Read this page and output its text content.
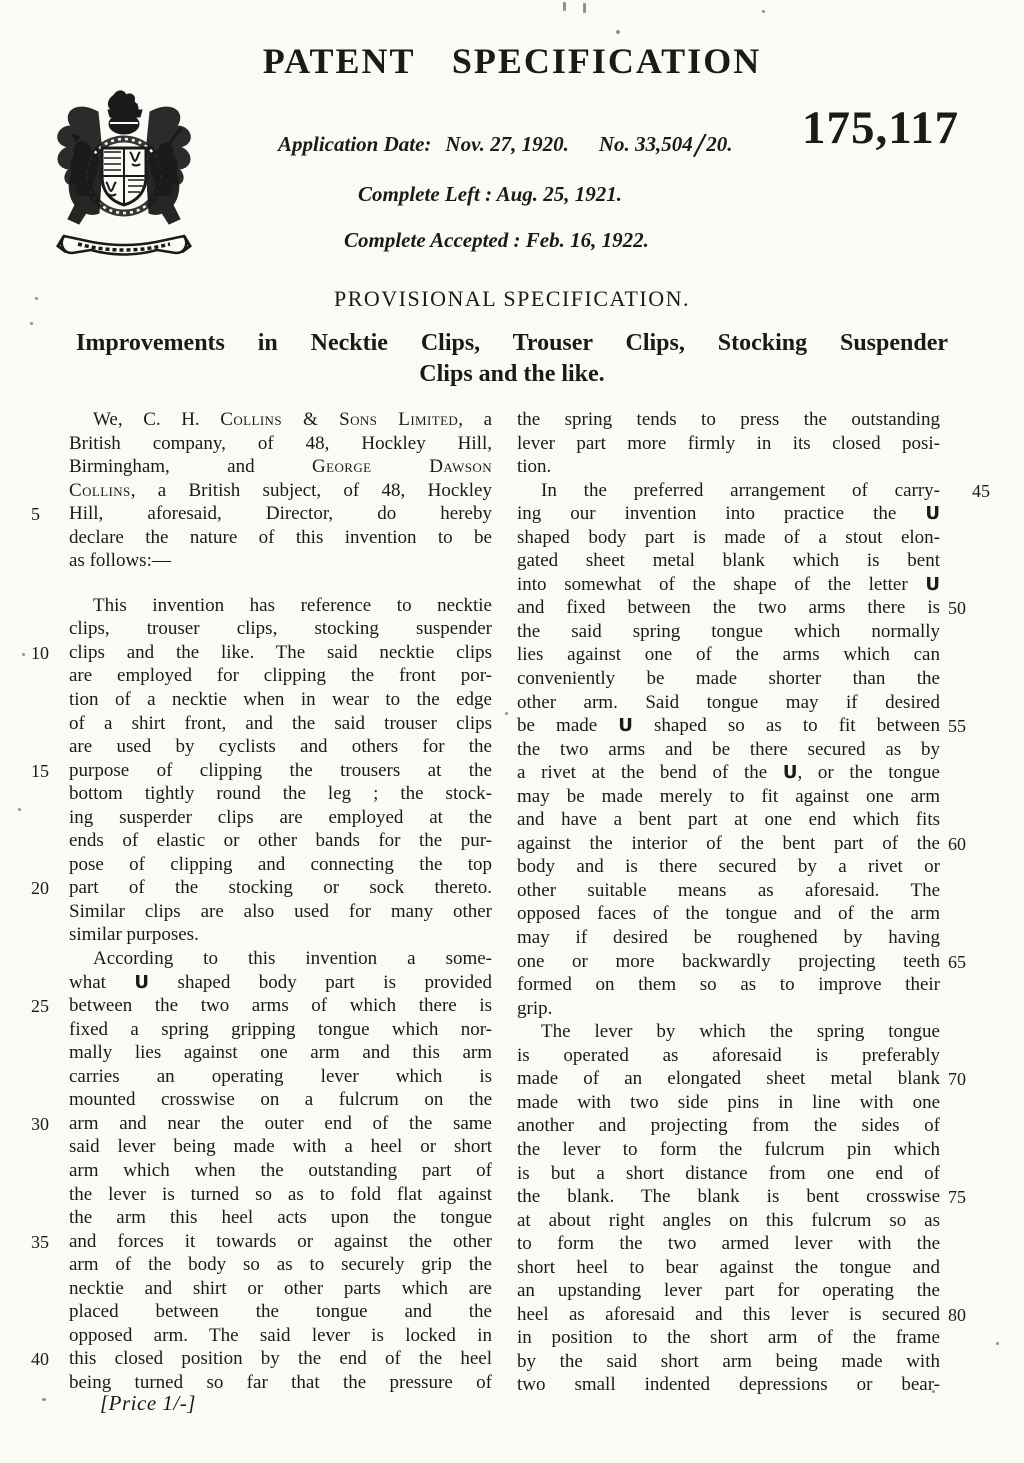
PATENT SPECIFICATION
175,117
Application Date: Nov. 27, 1920. No. 33,504/20.
Complete Left : Aug. 25, 1921.
Complete Accepted : Feb. 16, 1922.
PROVISIONAL SPECIFICATION.
Improvements in Necktie Clips, Trouser Clips, Stocking Suspender
Clips and the like.
We, C. H. Collins & Sons Limited, a
British company, of 48, Hockley Hill,
Birmingham, and George Dawson
Collins, a British subject, of 48, Hockley
5	Hill, aforesaid, Director, do hereby
declare the nature of this invention to be
as follows:—
This invention has reference to necktie
clips, trouser clips, stocking suspender
10	clips and the like. The said necktie clips
are employed for clipping the front por-
tion of a necktie when in wear to the edge
of a shirt front, and the said trouser clips
are used by cyclists and others for the
15	purpose of clipping the trousers at the
bottom tightly round the leg ; the stock-
ing susperder clips are employed at the
ends of elastic or other bands for the pur-
pose of clipping and connecting the top
20	part of the stocking or sock thereto.
Similar clips are also used for many other
similar purposes.
According to this invention a some-
what U shaped body part is provided
25	between the two arms of which there is
fixed a spring gripping tongue which nor-
mally lies against one arm and this arm
carries an operating lever which is
mounted crosswise on a fulcrum on the
30	arm and near the outer end of the same
said lever being made with a heel or short
arm which when the outstanding part of
the lever is turned so as to fold flat against
the arm this heel acts upon the tongue
35	and forces it towards or against the other
arm of the body so as to securely grip the
necktie and shirt or other parts which are
placed between the tongue and the
opposed arm. The said lever is locked in
40	this closed position by the end of the heel
being turned so far that the pressure of
the spring tends to press the outstanding
lever part more firmly in its closed posi-
tion.
45
In the preferred arrangement of carry-
ing our invention into practice the U
shaped body part is made of a stout elon-
gated sheet metal blank which is bent
into somewhat of the shape of the letter U
50
and fixed between the two arms there is
the said spring tongue which normally
lies against one of the arms which can
conveniently be made shorter than the
other arm. Said tongue may if desired
55
be made U shaped so as to fit between
the two arms and be there secured as by
a rivet at the bend of the U, or the tongue
may be made merely to fit against one arm
and have a bent part at one end which fits
60
against the interior of the bent part of the
body and is there secured by a rivet or
other suitable means as aforesaid. The
opposed faces of the tongue and of the arm
may if desired be roughened by having
65
one or more backwardly projecting teeth
formed on them so as to improve their
grip.
The lever by which the spring tongue
is operated as aforesaid is preferably
70
made of an elongated sheet metal blank
made with two side pins in line with one
another and projecting from the sides of
the lever to form the fulcrum pin which
is but a short distance from one end of
75
the blank. The blank is bent crosswise
at about right angles on this fulcrum so as
to form the two armed lever with the
short heel to bear against the tongue and
an upstanding lever part for operating the
80
heel as aforesaid and this lever is secured
in position to the short arm of the frame
by the said short arm being made with
two small indented depressions or bear-
[Price 1/-]
